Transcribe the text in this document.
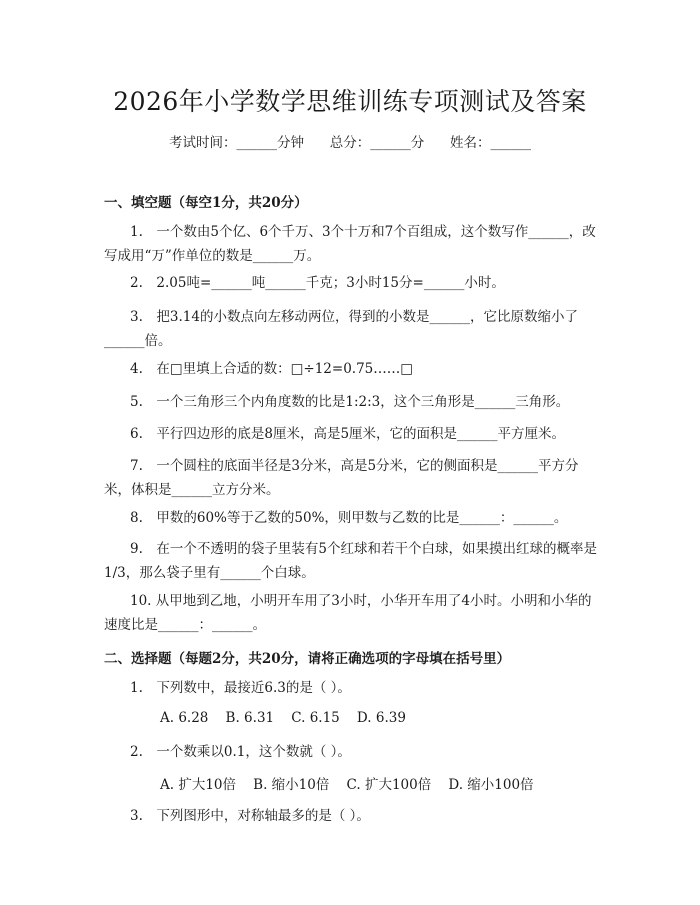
2026年小学数学思维训练专项测试及答案
考试时间：______分钟      总分：______分      姓名：______
一、填空题（每空1分，共20分）
1.　一个数由5个亿、6个千万、3个十万和7个百组成，这个数写作______，改写成用“万”作单位的数是______万。
2.　2.05吨=______吨______千克；3小时15分=______小时。
3.　把3.14的小数点向左移动两位，得到的小数是______，它比原数缩小了______倍。
4.　在□里填上合适的数：□÷12=0.75……□
5.　一个三角形三个内角度数的比是1:2:3，这个三角形是______三角形。
6.　平行四边形的底是8厘米，高是5厘米，它的面积是______平方厘米。
7.　一个圆柱的底面半径是3分米，高是5分米，它的侧面积是______平方分米，体积是______立方分米。
8.　甲数的60%等于乙数的50%，则甲数与乙数的比是______：______。
9.　在一个不透明的袋子里装有5个红球和若干个白球，如果摸出红球的概率是1/3，那么袋子里有______个白球。
10. 从甲地到乙地，小明开车用了3小时，小华开车用了4小时。小明和小华的速度比是______：______。
二、选择题（每题2分，共20分，请将正确选项的字母填在括号里）
1.　下列数中，最接近6.3的是（ ）。
A. 6.28    B. 6.31    C. 6.15    D. 6.39
2.　一个数乘以0.1，这个数就（ ）。
A. 扩大10倍    B. 缩小10倍    C. 扩大100倍    D. 缩小100倍
3.　下列图形中，对称轴最多的是（ ）。
